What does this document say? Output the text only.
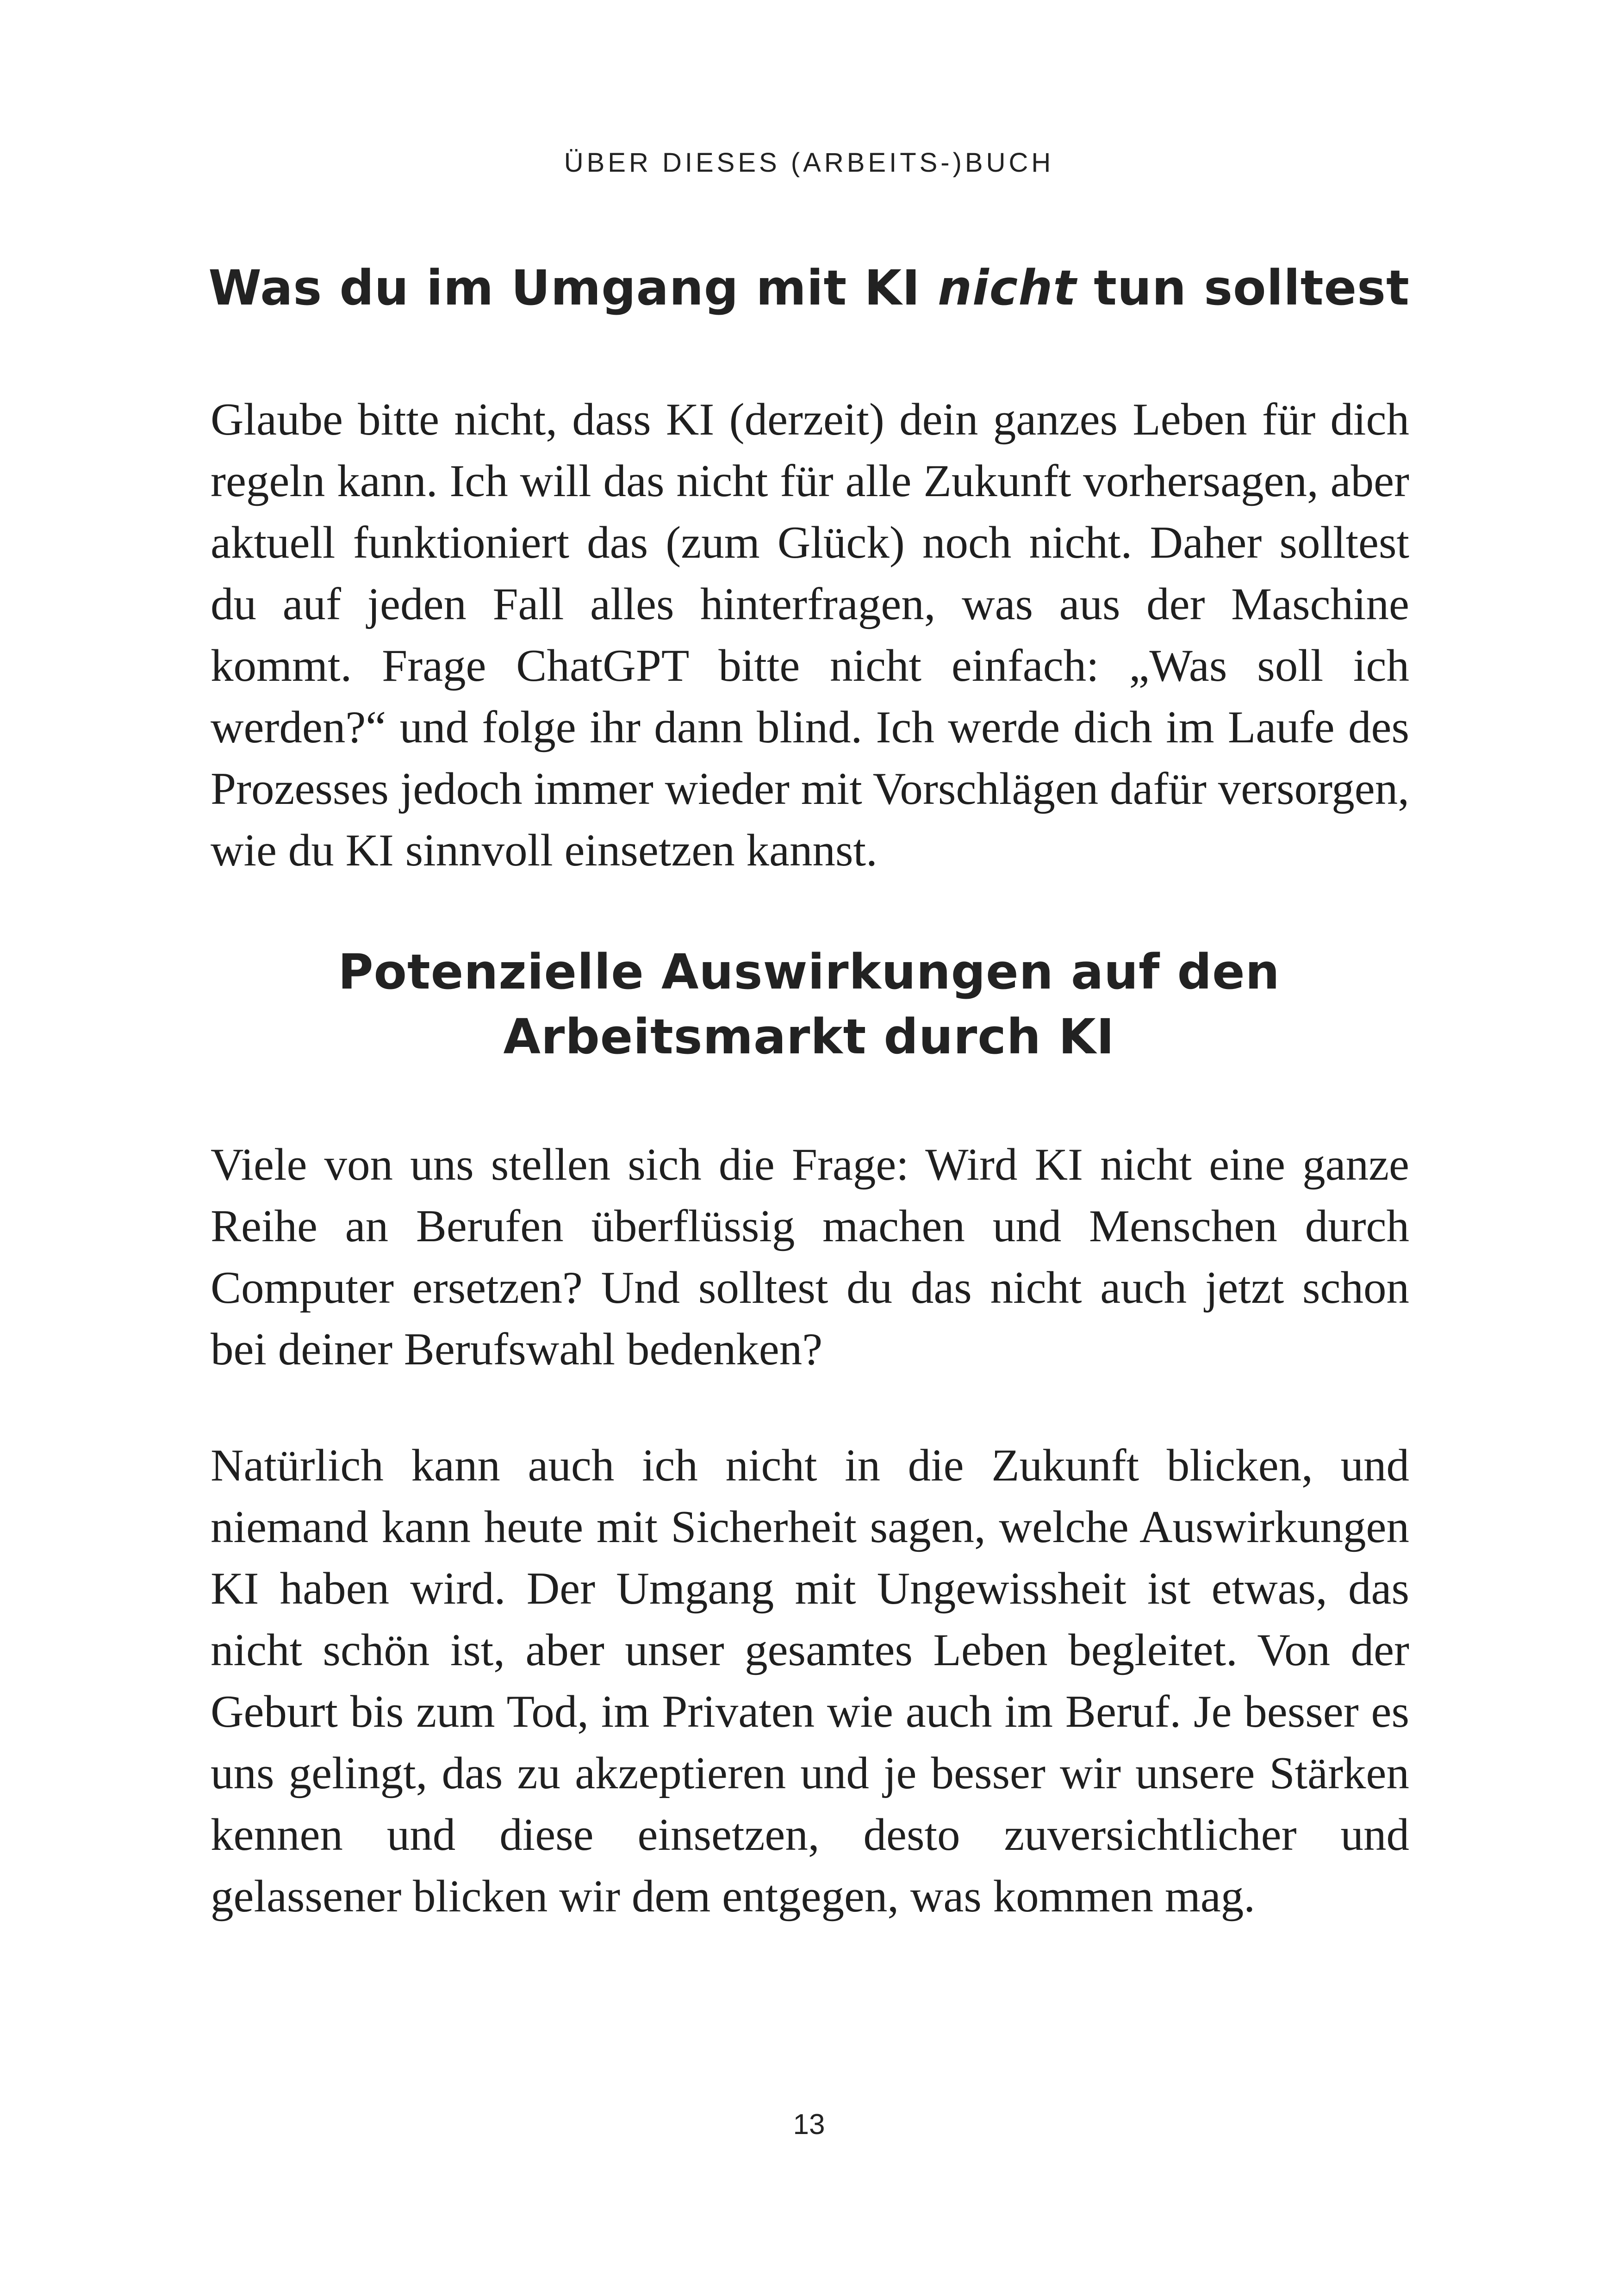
ÜBER DIESES (ARBEITS-)BUCH
Was du im Umgang mit KI nicht tun solltest

Glaube bitte nicht, dass KI (derzeit) dein ganzes Leben für dich regeln kann. Ich will das nicht für alle Zukunft vorhersagen, aber aktuell funktioniert das (zum Glück) noch nicht. Daher solltest du auf jeden Fall alles hinterfragen, was aus der Maschine kommt. Frage ChatGPT bitte nicht einfach: „Was soll ich werden?“ und folge ihr dann blind. Ich werde dich im Laufe des Prozesses jedoch immer wieder mit Vorschlägen dafür versorgen, wie du KI sinnvoll einsetzen kannst.

Potenzielle Auswirkungen auf den
Arbeitsmarkt durch KI

Viele von uns stellen sich die Frage: Wird KI nicht eine ganze Reihe an Berufen überflüssig machen und Menschen durch Computer ersetzen? Und solltest du das nicht auch jetzt schon bei deiner Berufswahl bedenken?

Natürlich kann auch ich nicht in die Zukunft blicken, und niemand kann heute mit Sicherheit sagen, welche Auswirkungen KI haben wird. Der Umgang mit Ungewissheit ist etwas, das nicht schön ist, aber unser gesamtes Leben begleitet. Von der Geburt bis zum Tod, im Privaten wie auch im Beruf. Je besser es uns gelingt, das zu akzeptieren und je besser wir unsere Stärken kennen und diese einsetzen, desto zuversichtlicher und gelassener blicken wir dem entgegen, was kommen mag.

13
